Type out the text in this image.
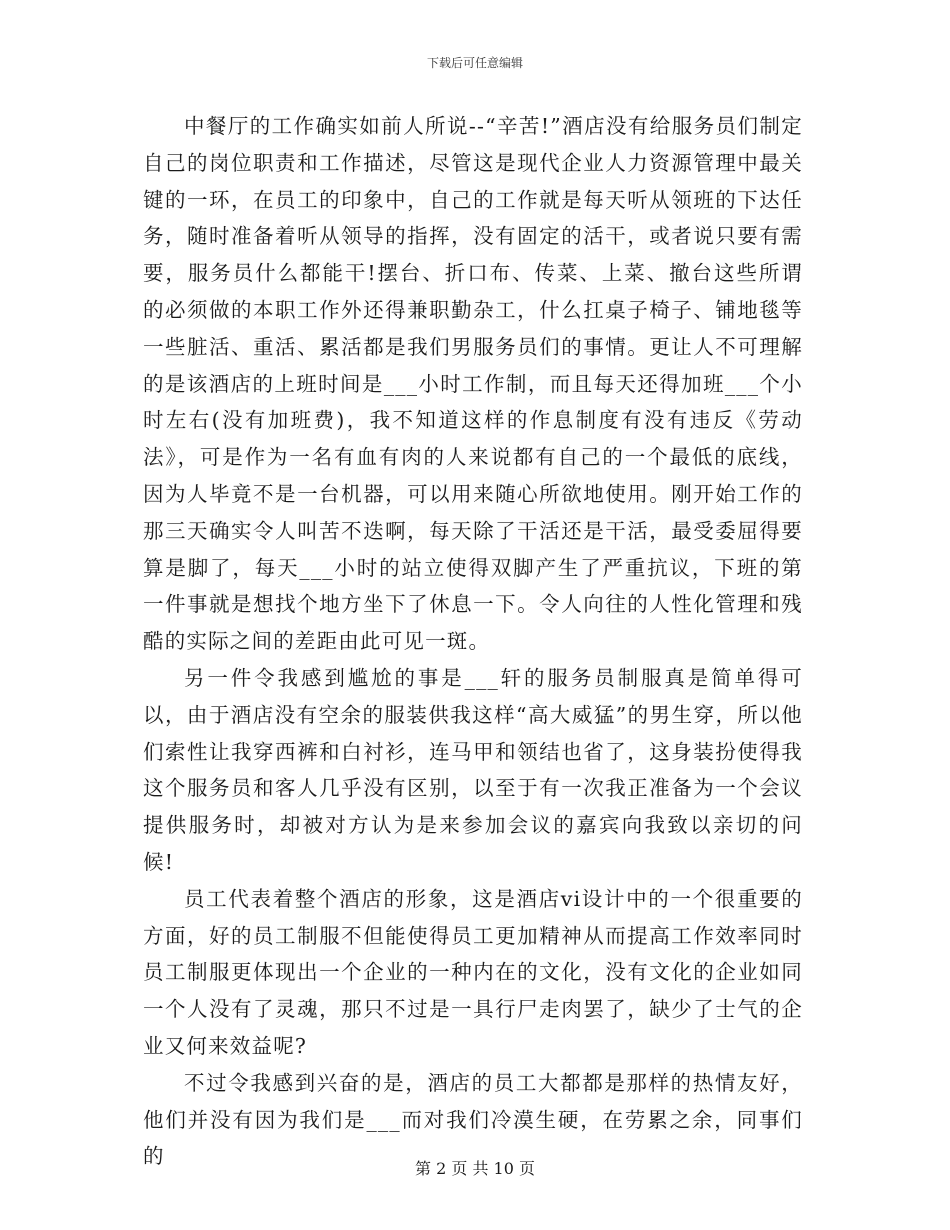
下载后可任意编辑

中餐厅的工作确实如前人所说--“辛苦!”酒店没有给服务员们制定自己的岗位职责和工作描述，尽管这是现代企业人力资源管理中最关键的一环，在员工的印象中，自己的工作就是每天听从领班的下达任务，随时准备着听从领导的指挥，没有固定的活干，或者说只要有需要，服务员什么都能干!摆台、折口布、传菜、上菜、撤台这些所谓的必须做的本职工作外还得兼职勤杂工，什么扛桌子椅子、铺地毯等一些脏活、重活、累活都是我们男服务员们的事情。更让人不可理解的是该酒店的上班时间是___小时工作制，而且每天还得加班___个小时左右(没有加班费)，我不知道这样的作息制度有没有违反《劳动法》，可是作为一名有血有肉的人来说都有自己的一个最低的底线，因为人毕竟不是一台机器，可以用来随心所欲地使用。刚开始工作的那三天确实令人叫苦不迭啊，每天除了干活还是干活，最受委屈得要算是脚了，每天___小时的站立使得双脚产生了严重抗议，下班的第一件事就是想找个地方坐下了休息一下。令人向往的人性化管理和残酷的实际之间的差距由此可见一斑。

另一件令我感到尴尬的事是___轩的服务员制服真是简单得可以，由于酒店没有空余的服装供我这样“高大威猛”的男生穿，所以他们索性让我穿西裤和白衬衫，连马甲和领结也省了，这身装扮使得我这个服务员和客人几乎没有区别，以至于有一次我正准备为一个会议提供服务时，却被对方认为是来参加会议的嘉宾向我致以亲切的问候!

员工代表着整个酒店的形象，这是酒店vi设计中的一个很重要的方面，好的员工制服不但能使得员工更加精神从而提高工作效率同时员工制服更体现出一个企业的一种内在的文化，没有文化的企业如同一个人没有了灵魂，那只不过是一具行尸走肉罢了，缺少了士气的企业又何来效益呢?

不过令我感到兴奋的是，酒店的员工大都都是那样的热情友好，他们并没有因为我们是___而对我们冷漠生硬，在劳累之余，同事们的

第 2 页 共 10 页
